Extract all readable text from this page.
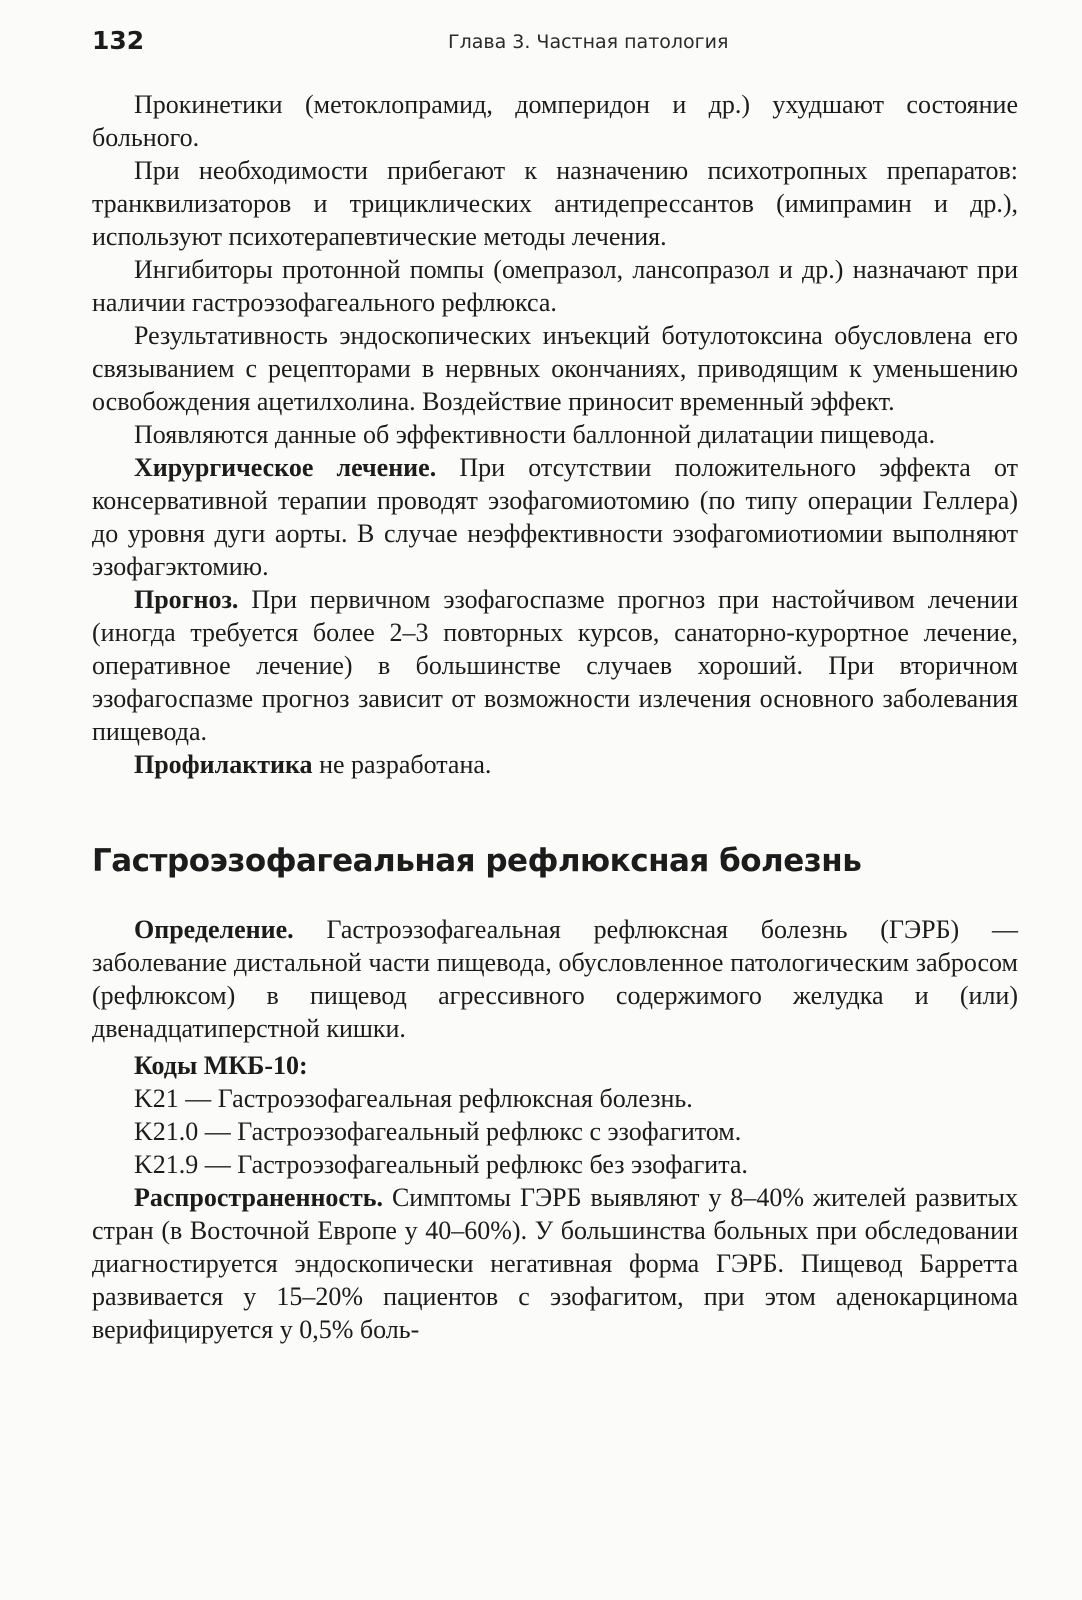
132	Глава 3. Частная патология

Прокинетики (метоклопрамид, домперидон и др.) ухудшают состояние больного.

При необходимости прибегают к назначению психотропных препаратов: транквилизаторов и трициклических антидепрессантов (имипрамин и др.), используют психотерапевтические методы лечения.

Ингибиторы протонной помпы (омепразол, лансопразол и др.) назначают при наличии гастроэзофагеального рефлюкса.

Результативность эндоскопических инъекций ботулотоксина обусловлена его связыванием с рецепторами в нервных окончаниях, приводящим к уменьшению освобождения ацетилхолина. Воздействие приносит временный эффект.

Появляются данные об эффективности баллонной дилатации пищевода.

Хирургическое лечение. При отсутствии положительного эффекта от консервативной терапии проводят эзофагомиотомию (по типу операции Геллера) до уровня дуги аорты. В случае неэффективности эзофагомиотиомии выполняют эзофагэктомию.

Прогноз. При первичном эзофагоспазме прогноз при настойчивом лечении (иногда требуется более 2–3 повторных курсов, санаторно-курортное лечение, оперативное лечение) в большинстве случаев хороший. При вторичном эзофагоспазме прогноз зависит от возможности излечения основного заболевания пищевода.

Профилактика не разработана.

Гастроэзофагеальная рефлюксная болезнь

Определение. Гастроэзофагеальная рефлюксная болезнь (ГЭРБ) — заболевание дистальной части пищевода, обусловленное патологическим забросом (рефлюксом) в пищевод агрессивного содержимого желудка и (или) двенадцатиперстной кишки.

Коды МКБ-10:

K21 — Гастроэзофагеальная рефлюксная болезнь.

K21.0 — Гастроэзофагеальный рефлюкс с эзофагитом.

K21.9 — Гастроэзофагеальный рефлюкс без эзофагита.

Распространенность. Симптомы ГЭРБ выявляют у 8–40% жителей развитых стран (в Восточной Европе у 40–60%). У большинства больных при обследовании диагностируется эндоскопически негативная форма ГЭРБ. Пищевод Барретта развивается у 15–20% пациентов с эзофагитом, при этом аденокарцинома верифицируется у 0,5% боль-
